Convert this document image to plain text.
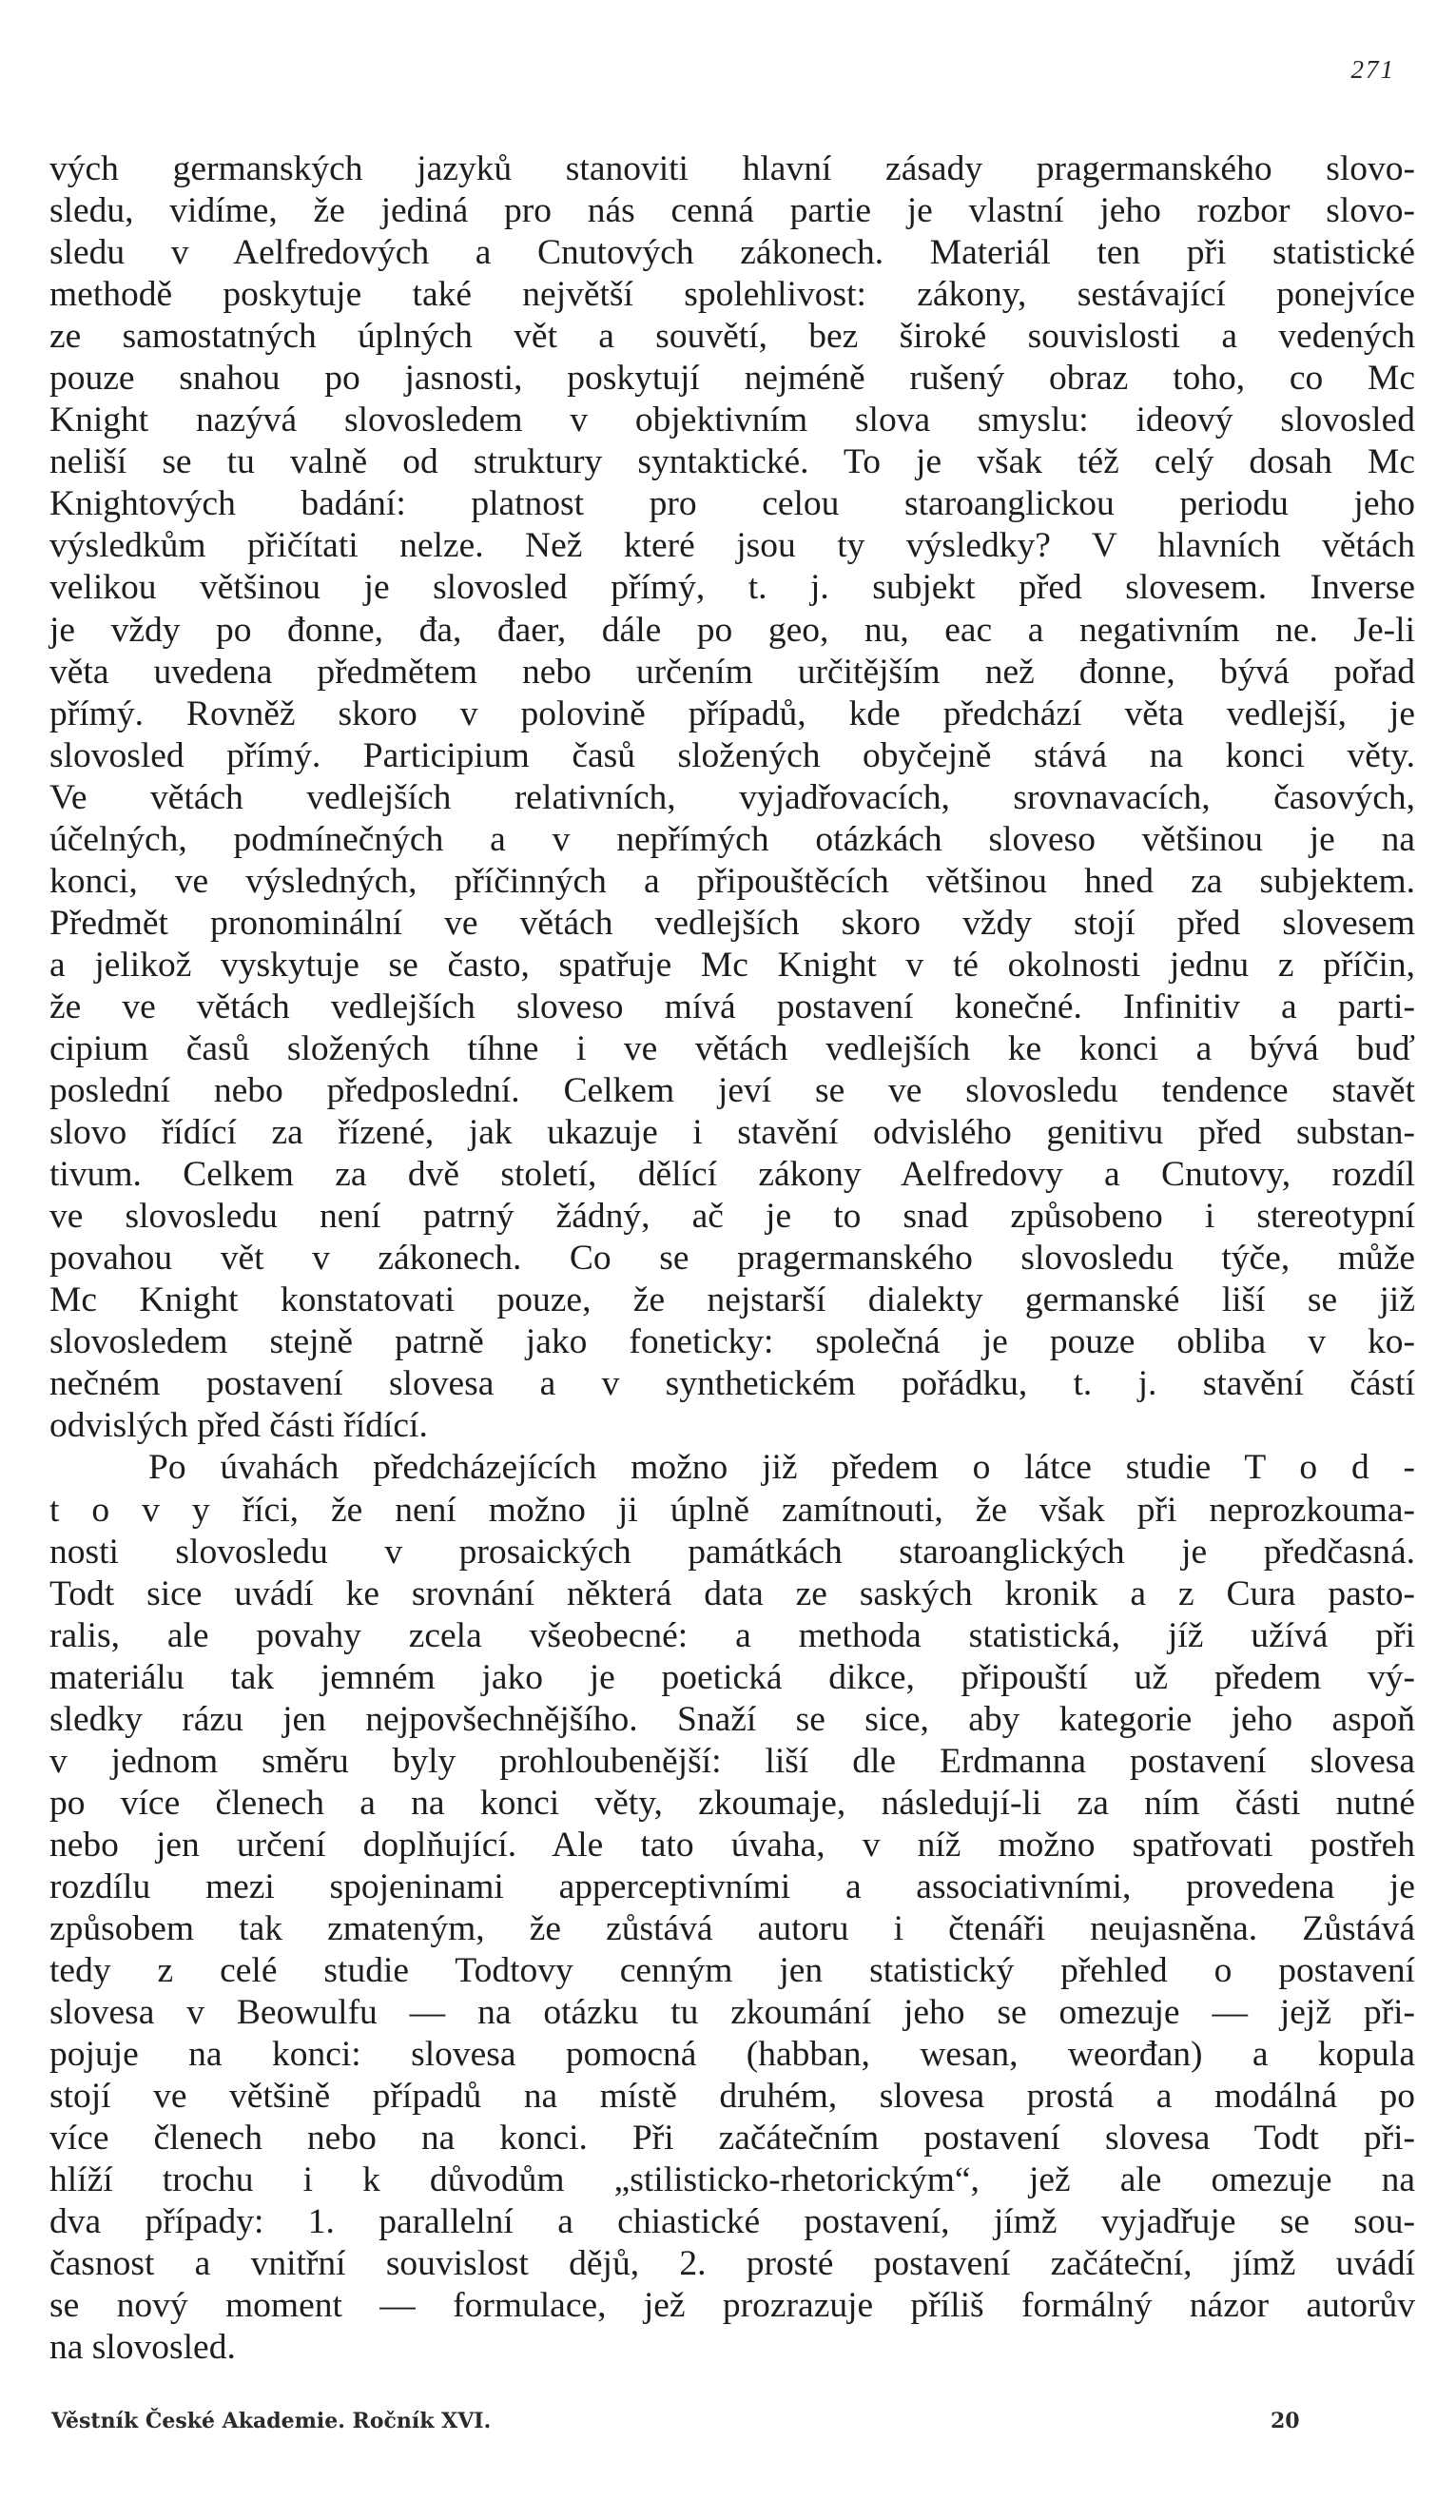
271
vých germanských jazyků stanoviti hlavní zásady pragermanského slovo-
sledu, vidíme, že jediná pro nás cenná partie je vlastní jeho rozbor slovo-
sledu v Aelfredových a Cnutových zákonech. Materiál ten při statistické
methodě poskytuje také největší spolehlivost: zákony, sestávající ponejvíce
ze samostatných úplných vět a souvětí, bez široké souvislosti a vedených
pouze snahou po jasnosti, poskytují nejméně rušený obraz toho, co Mc
Knight nazývá slovosledem v objektivním slova smyslu: ideový slovosled
neliší se tu valně od struktury syntaktické. To je však též celý dosah Mc
Knightových badání: platnost pro celou staroanglickou periodu jeho
výsledkům přičítati nelze. Než které jsou ty výsledky? V hlavních větách
velikou většinou je slovosled přímý, t. j. subjekt před slovesem. Inverse
je vždy po đonne, đa, đaer, dále po geo, nu, eac a negativním ne. Je-li
věta uvedena předmětem nebo určením určitějším než đonne, bývá pořad
přímý. Rovněž skoro v polovině případů, kde předchází věta vedlejší, je
slovosled přímý. Participium časů složených obyčejně stává na konci věty.
Ve větách vedlejších relativních, vyjadřovacích, srovnavacích, časových,
účelných, podmínečných a v nepřímých otázkách sloveso většinou je na
konci, ve výsledných, příčinných a připouštěcích většinou hned za subjektem.
Předmět pronominální ve větách vedlejších skoro vždy stojí před slovesem
a jelikož vyskytuje se často, spatřuje Mc Knight v té okolnosti jednu z příčin,
že ve větách vedlejších sloveso mívá postavení konečné. Infinitiv a parti-
cipium časů složených tíhne i ve větách vedlejších ke konci a bývá buď
poslední nebo předposlední. Celkem jeví se ve slovosledu tendence stavět
slovo řídící za řízené, jak ukazuje i stavění odvislého genitivu před substan-
tivum. Celkem za dvě století, dělící zákony Aelfredovy a Cnutovy, rozdíl
ve slovosledu není patrný žádný, ač je to snad způsobeno i stereotypní
povahou vět v zákonech. Co se pragermanského slovosledu týče, může
Mc Knight konstatovati pouze, že nejstarší dialekty germanské liší se již
slovosledem stejně patrně jako foneticky: společná je pouze obliba v ko-
nečném postavení slovesa a v synthetickém pořádku, t. j. stavění částí
odvislých před části řídící.
Po úvahách předcházejících možno již předem o látce studie T o d -
t o v y říci, že není možno ji úplně zamítnouti, že však při neprozkouma-
nosti slovosledu v prosaických památkách staroanglických je předčasná.
Todt sice uvádí ke srovnání některá data ze saských kronik a z Cura pasto-
ralis, ale povahy zcela všeobecné: a methoda statistická, jíž užívá při
materiálu tak jemném jako je poetická dikce, připouští už předem vý-
sledky rázu jen nejpovšechnějšího. Snaží se sice, aby kategorie jeho aspoň
v jednom směru byly prohloubenější: liší dle Erdmanna postavení slovesa
po více členech a na konci věty, zkoumaje, následují-li za ním části nutné
nebo jen určení doplňující. Ale tato úvaha, v níž možno spatřovati postřeh
rozdílu mezi spojeninami apperceptivními a associativními, provedena je
způsobem tak zmateným, že zůstává autoru i čtenáři neujasněna. Zůstává
tedy z celé studie Todtovy cenným jen statistický přehled o postavení
slovesa v Beowulfu — na otázku tu zkoumání jeho se omezuje — jejž při-
pojuje na konci: slovesa pomocná (habban, wesan, weorđan) a kopula
stojí ve většině případů na místě druhém, slovesa prostá a modálná po
více členech nebo na konci. Při začátečním postavení slovesa Todt při-
hlíží trochu i k důvodům „stilisticko-rhetorickým“, jež ale omezuje na
dva případy: 1. parallelní a chiastické postavení, jímž vyjadřuje se sou-
časnost a vnitřní souvislost dějů, 2. prosté postavení začáteční, jímž uvádí
se nový moment — formulace, jež prozrazuje příliš formálný názor autorův
na slovosled.
Věstník České Akademie. Ročník XVI.	20
